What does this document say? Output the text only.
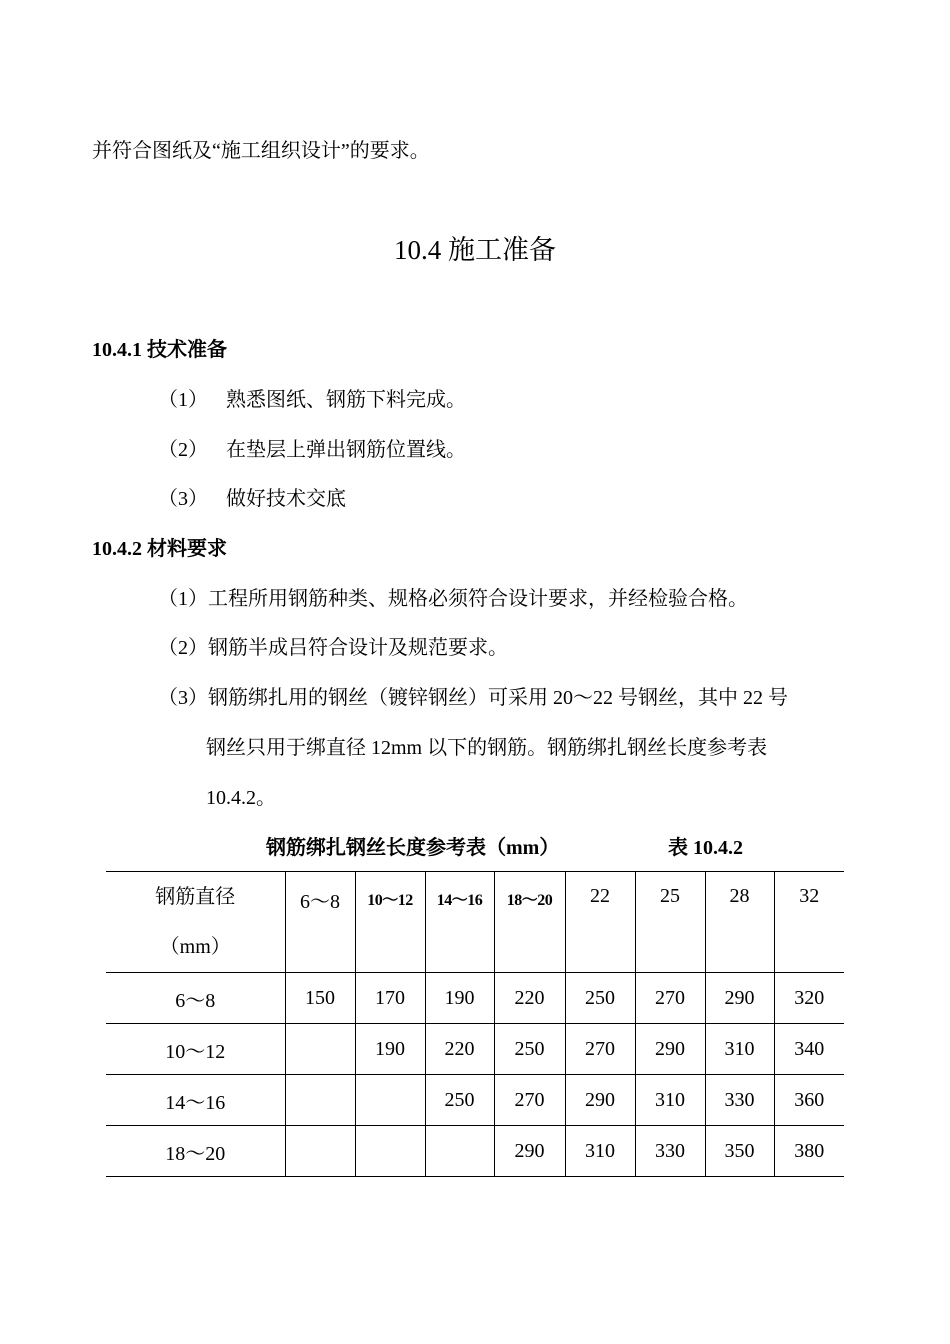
并符合图纸及“施工组织设计”的要求。
10.4 施工准备
10.4.1 技术准备
（1） 熟悉图纸、钢筋下料完成。
（2） 在垫层上弹出钢筋位置线。
（3） 做好技术交底
10.4.2 材料要求
（1）工程所用钢筋种类、规格必须符合设计要求，并经检验合格。
（2）钢筋半成吕符合设计及规范要求。
（3）钢筋绑扎用的钢丝（镀锌钢丝）可采用 20～22 号钢丝，其中 22 号
钢丝只用于绑直径 12mm 以下的钢筋。钢筋绑扎钢丝长度参考表
10.4.2。
钢筋绑扎钢丝长度参考表（mm）	表 10.4.2
钢筋直径
（mm）	6～8	10～12	14～16	18～20	22	25	28	32
6～8	150	170	190	220	250	270	290	320
10～12		190	220	250	270	290	310	340
14～16			250	270	290	310	330	360
18～20				290	310	330	350	380
